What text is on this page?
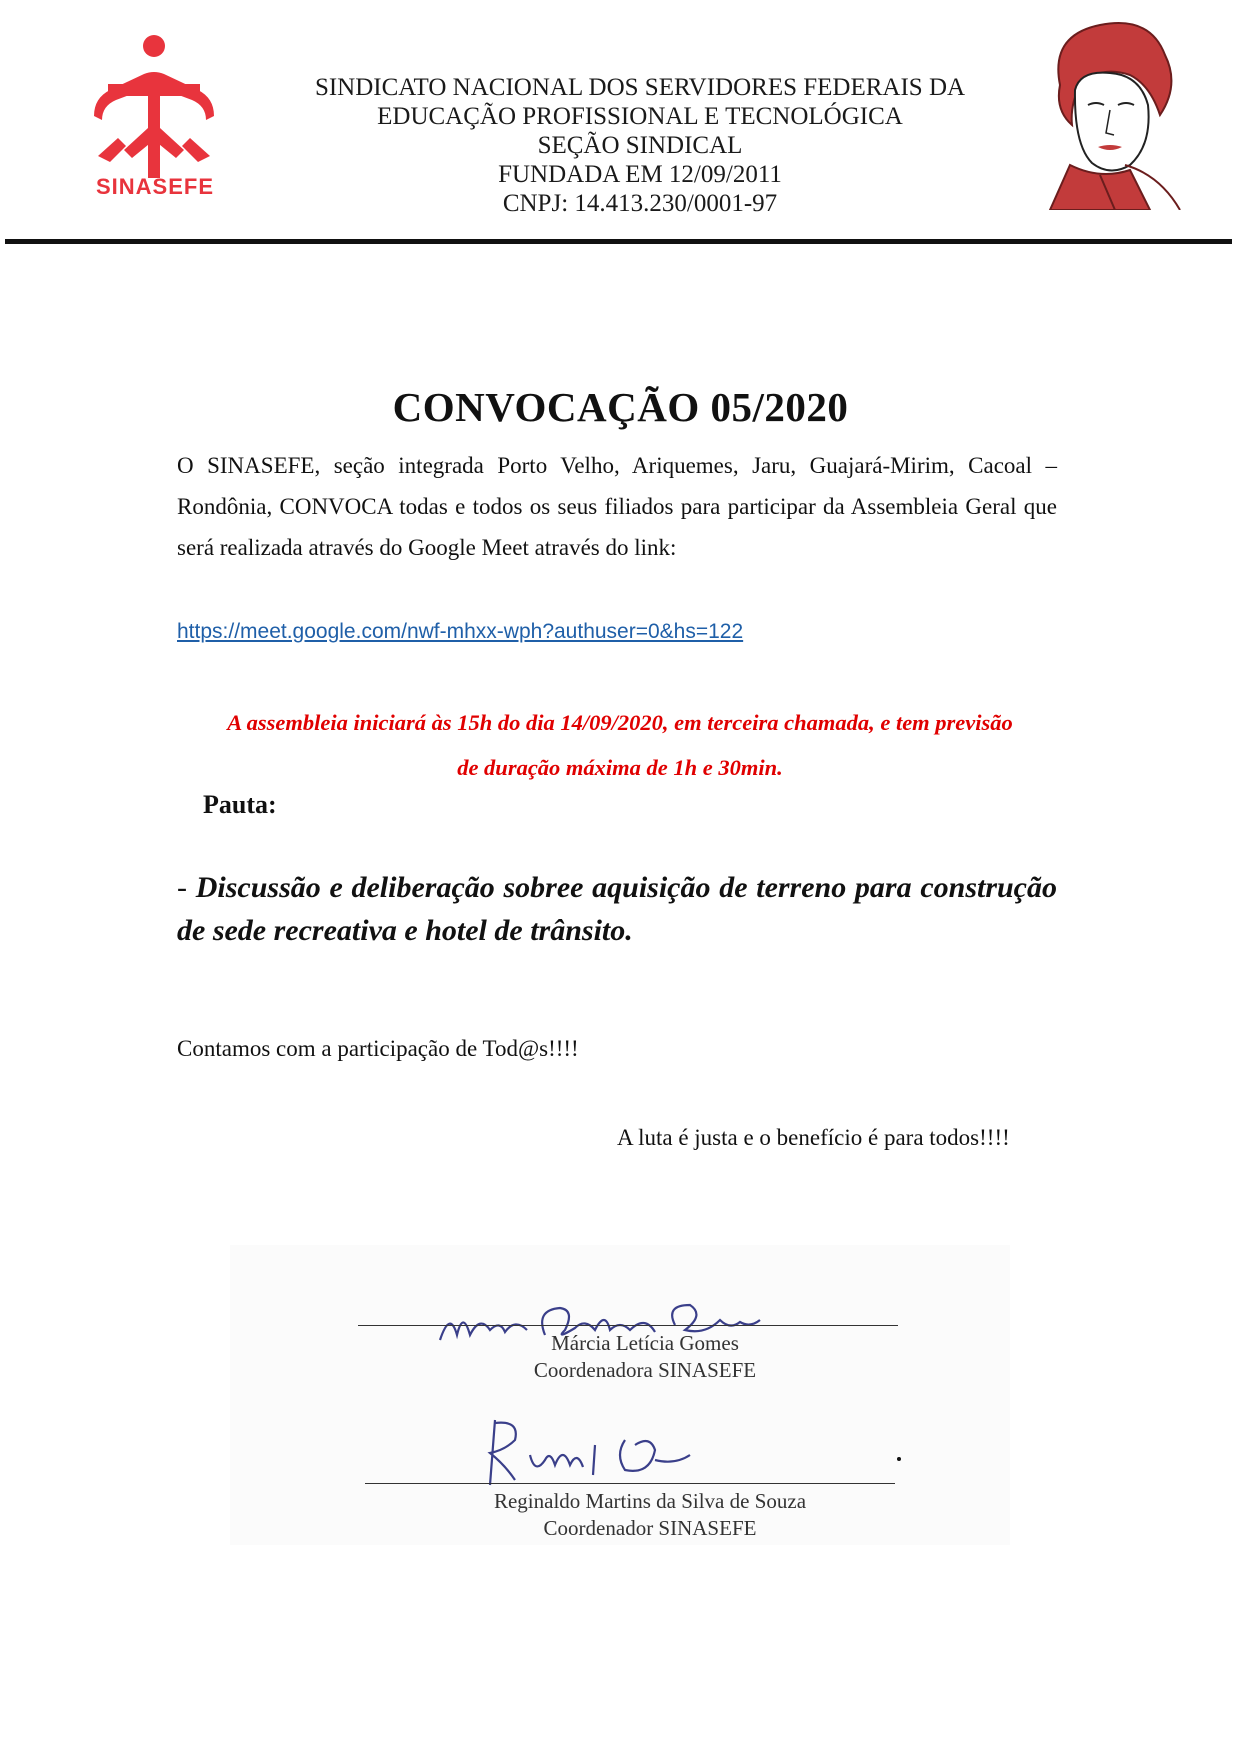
SINASEFE
SINDICATO NACIONAL DOS SERVIDORES FEDERAIS DA
EDUCAÇÃO PROFISSIONAL E TECNOLÓGICA
SEÇÃO SINDICAL
FUNDADA EM 12/09/2011
CNPJ: 14.413.230/0001-97
CONVOCAÇÃO 05/2020
O SINASEFE, seção integrada Porto Velho, Ariquemes, Jaru, Guajará-Mirim, Cacoal – Rondônia, CONVOCA todas e todos os seus filiados para participar da Assembleia Geral que será realizada através do Google Meet através do link:
https://meet.google.com/nwf-mhxx-wph?authuser=0&hs=122
A assembleia iniciará às 15h do dia 14/09/2020, em terceira chamada, e tem previsão
de duração máxima de 1h e 30min.
Pauta:
- Discussão e deliberação sobree aquisição de terreno para construção de sede recreativa e hotel de trânsito.
Contamos com a participação de Tod@s!!!!
A luta é justa e o benefício é para todos!!!!
Márcia Letícia Gomes
Coordenadora SINASEFE
Reginaldo Martins da Silva de Souza
Coordenador SINASEFE
